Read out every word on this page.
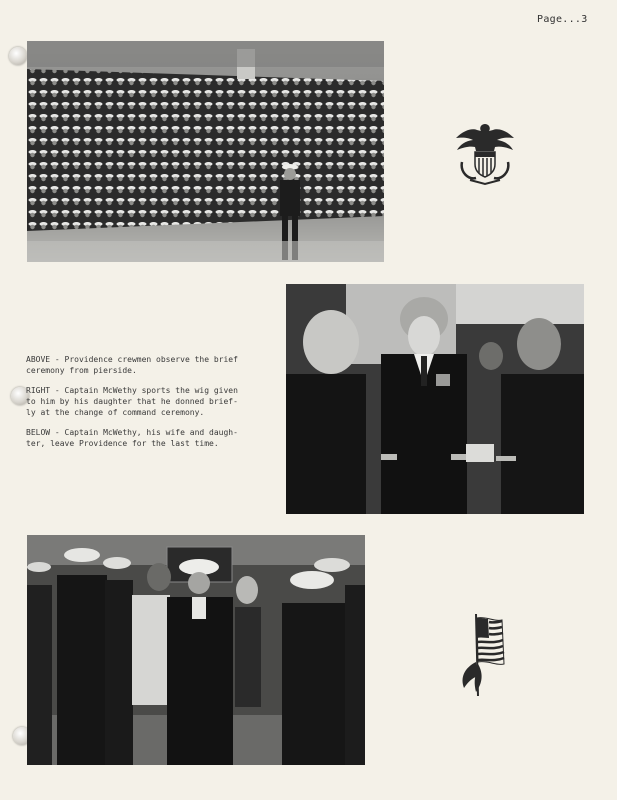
Page...3

ABOVE - Providence crewmen observe the brief
ceremony from pierside.

RIGHT - Captain McWethy sports the wig given
to him by his daughter that he donned brief-
ly at the change of command ceremony.

BELOW - Captain McWethy, his wife and daugh-
ter, leave Providence for the last time.
